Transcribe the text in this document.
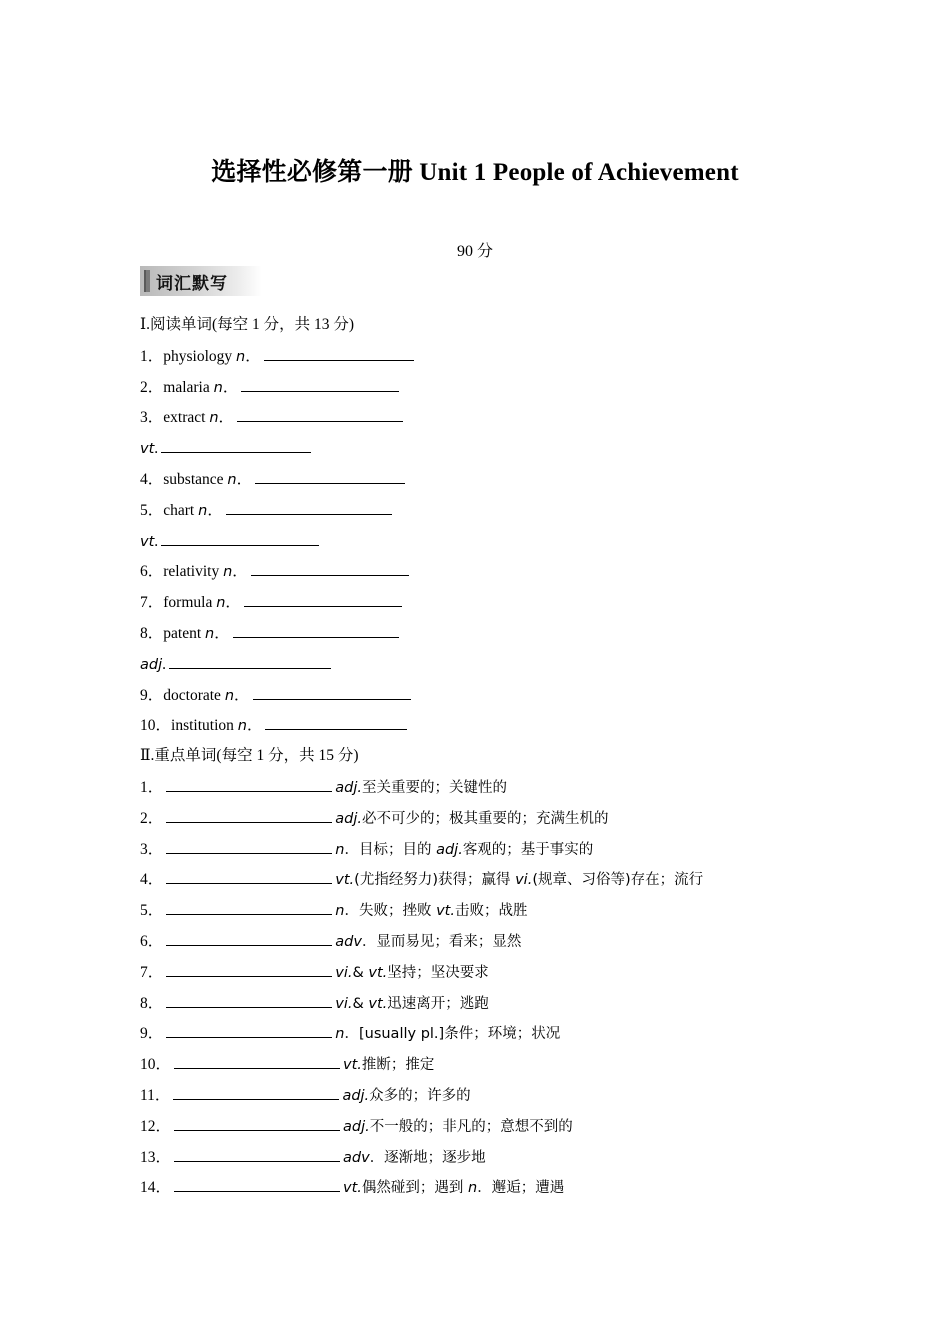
选择性必修第一册 Unit 1 People of Achievement
90 分
词汇默写
Ⅰ.阅读单词(每空 1 分，共 13 分)
1．physiology n．
2．malaria n．
3．extract n．
vt.
4．substance n．
5．chart n．
vt.
6．relativity n．
7．formula n．
8．patent n．
adj.
9．doctorate n．
10．institution n．
Ⅱ.重点单词(每空 1 分，共 15 分)
1．	adj.至关重要的；关键性的
2．	adj.必不可少的；极其重要的；充满生机的
3．	n．目标；目的 adj.客观的；基于事实的
4．	vt.(尤指经努力)获得；赢得 vi.(规章、习俗等)存在；流行
5．	n．失败；挫败 vt.击败；战胜
6．	adv．显而易见；看来；显然
7．	vi.& vt.坚持；坚决要求
8．	vi.& vt.迅速离开；逃跑
9．	n．[usually pl.]条件；环境；状况
10．	vt.推断；推定
11．	adj.众多的；许多的
12．	adj.不一般的；非凡的；意想不到的
13．	adv．逐渐地；逐步地
14．	vt.偶然碰到；遇到 n．邂逅；遭遇
